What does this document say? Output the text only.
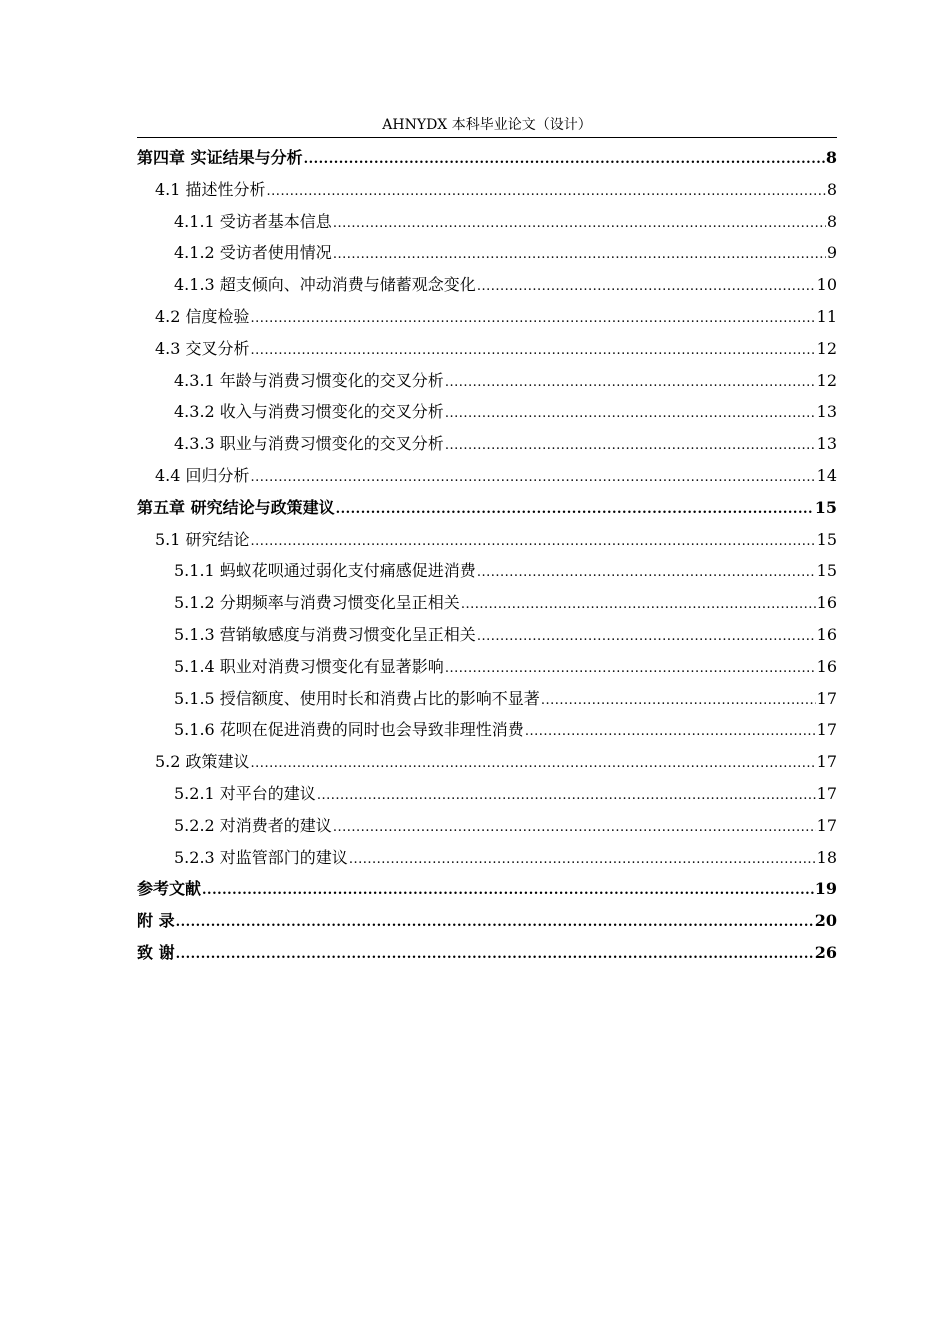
AHNYDX 本科毕业论文（设计）
第四章 实证结果与分析 .....	8
4.1 描述性分析 .....	8
4.1.1 受访者基本信息 .....	8
4.1.2 受访者使用情况 .....	9
4.1.3 超支倾向、冲动消费与储蓄观念变化 .....	10
4.2 信度检验 .....	11
4.3 交叉分析 .....	12
4.3.1 年龄与消费习惯变化的交叉分析 .....	12
4.3.2 收入与消费习惯变化的交叉分析 .....	13
4.3.3 职业与消费习惯变化的交叉分析 .....	13
4.4 回归分析 .....	14
第五章 研究结论与政策建议 .....	15
5.1 研究结论 .....	15
5.1.1 蚂蚁花呗通过弱化支付痛感促进消费 .....	15
5.1.2 分期频率与消费习惯变化呈正相关 .....	16
5.1.3 营销敏感度与消费习惯变化呈正相关 .....	16
5.1.4 职业对消费习惯变化有显著影响 .....	16
5.1.5 授信额度、使用时长和消费占比的影响不显著 .....	17
5.1.6 花呗在促进消费的同时也会导致非理性消费 .....	17
5.2 政策建议 .....	17
5.2.1 对平台的建议 .....	17
5.2.2 对消费者的建议 .....	17
5.2.3 对监管部门的建议 .....	18
参考文献 .....	19
附 录 .....	20
致 谢 .....	26
